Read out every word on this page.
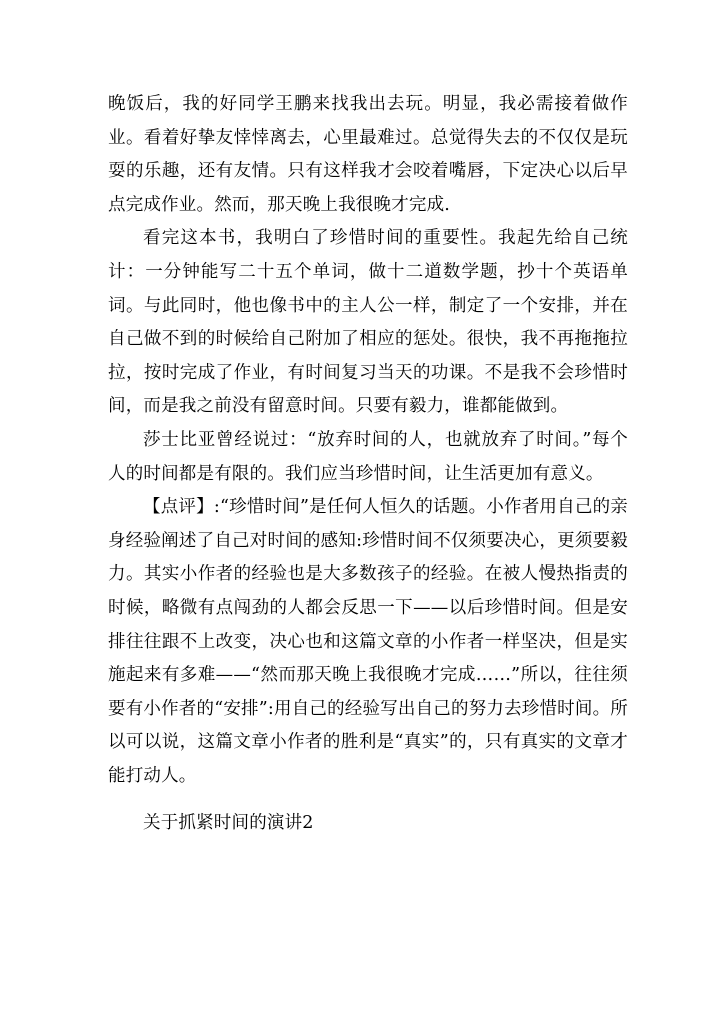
晚饭后，我的好同学王鹏来找我出去玩。明显，我必需接着做作业。看着好挚友悻悻离去，心里最难过。总觉得失去的不仅仅是玩耍的乐趣，还有友情。只有这样我才会咬着嘴唇，下定决心以后早点完成作业。然而，那天晚上我很晚才完成.

看完这本书，我明白了珍惜时间的重要性。我起先给自己统计：一分钟能写二十五个单词，做十二道数学题，抄十个英语单词。与此同时，他也像书中的主人公一样，制定了一个安排，并在自己做不到的时候给自己附加了相应的惩处。很快，我不再拖拖拉拉，按时完成了作业，有时间复习当天的功课。不是我不会珍惜时间，而是我之前没有留意时间。只要有毅力，谁都能做到。

莎士比亚曾经说过：“放弃时间的人，也就放弃了时间。”每个人的时间都是有限的。我们应当珍惜时间，让生活更加有意义。

【点评】:“珍惜时间”是任何人恒久的话题。小作者用自己的亲身经验阐述了自己对时间的感知:珍惜时间不仅须要决心，更须要毅力。其实小作者的经验也是大多数孩子的经验。在被人慢热指责的时候，略微有点闯劲的人都会反思一下——以后珍惜时间。但是安排往往跟不上改变，决心也和这篇文章的小作者一样坚决，但是实施起来有多难——“然而那天晚上我很晚才完成……”所以，往往须要有小作者的“安排”:用自己的经验写出自己的努力去珍惜时间。所以可以说，这篇文章小作者的胜利是“真实”的，只有真实的文章才能打动人。

关于抓紧时间的演讲2
